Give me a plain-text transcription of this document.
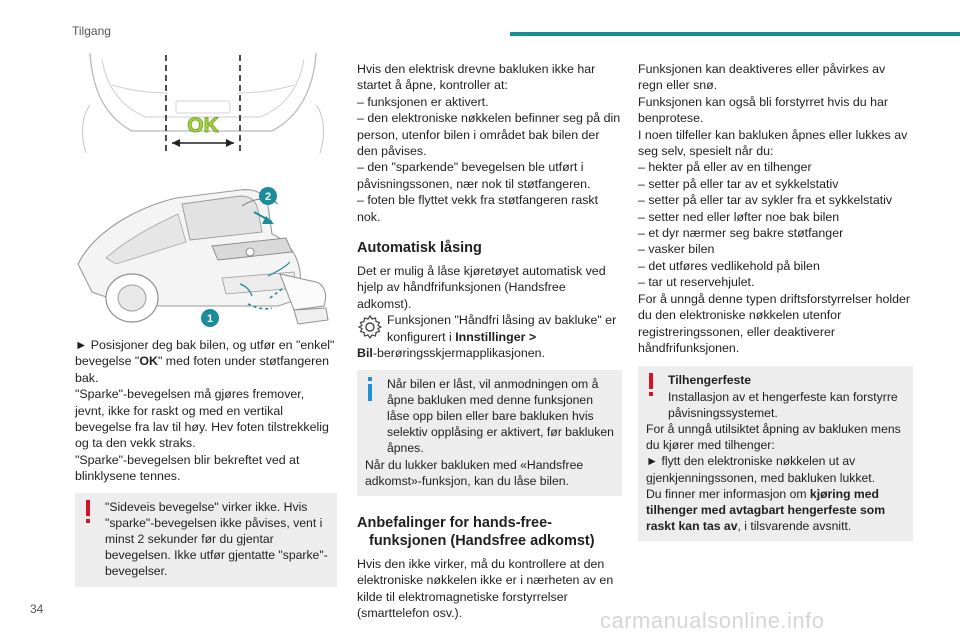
Tilgang
OK
2
1

► Posisjoner deg bak bilen, og utfør en "enkel" bevegelse "OK" med foten under støtfangeren bak.

"Sparke"-bevegelsen må gjøres fremover, jevnt, ikke for raskt og med en vertikal bevegelse fra lav til høy. Hev foten tilstrekkelig og ta den vekk straks.

"Sparke"-bevegelsen blir bekreftet ved at blinklysene tennes.

"Sideveis bevegelse" virker ikke. Hvis "sparke"-bevegelsen ikke påvises, vent i minst 2 sekunder før du gjentar bevegelsen. Ikke utfør gjentatte "sparke"-bevegelser.

Hvis den elektrisk drevne bakluken ikke har startet å åpne, kontroller at:

– funksjonen er aktivert.

– den elektroniske nøkkelen befinner seg på din person, utenfor bilen i området bak bilen der den påvises.

– den "sparkende" bevegelsen ble utført i påvisningssonen, nær nok til støtfangeren.

– foten ble flyttet vekk fra støtfangeren raskt nok.

Automatisk låsing

Det er mulig å låse kjøretøyet automatisk ved hjelp av håndfrifunksjonen (Handsfree adkomst).

Funksjonen "Håndfri låsing av bakluke" er konfigurert i Innstillinger >

Bil-berøringsskjermapplikasjonen.

Når bilen er låst, vil anmodningen om å åpne bakluken med denne funksjonen låse opp bilen eller bare bakluken hvis selektiv opplåsing er aktivert, før bakluken åpnes.

Når du lukker bakluken med «Handsfree adkomst»-funksjon, kan du låse bilen.

Anbefalinger for hands-free-
funksjonen (Handsfree adkomst)

Hvis den ikke virker, må du kontrollere at den elektroniske nøkkelen ikke er i nærheten av en kilde til elektromagnetiske forstyrrelser (smarttelefon osv.).

Funksjonen kan deaktiveres eller påvirkes av regn eller snø.

Funksjonen kan også bli forstyrret hvis du har benprotese.

I noen tilfeller kan bakluken åpnes eller lukkes av seg selv, spesielt når du:

– hekter på eller av en tilhenger

– setter på eller tar av et sykkelstativ

– setter på eller tar av sykler fra et sykkelstativ

– setter ned eller løfter noe bak bilen

– et dyr nærmer seg bakre støtfanger

– vasker bilen

– det utføres vedlikehold på bilen

– tar ut reservehjulet.

For å unngå denne typen driftsforstyrrelser holder du den elektroniske nøkkelen utenfor registreringssonen, eller deaktiverer håndfrifunksjonen.

Tilhengerfeste

Installasjon av et hengerfeste kan forstyrre påvisningssystemet.

For å unngå utilsiktet åpning av bakluken mens du kjører med tilhenger:

► flytt den elektroniske nøkkelen ut av gjenkjenningssonen, med bakluken lukket.

Du finner mer informasjon om kjøring med tilhenger med avtagbart hengerfeste som raskt kan tas av, i tilsvarende avsnitt.

34	carmanualsonline.info
